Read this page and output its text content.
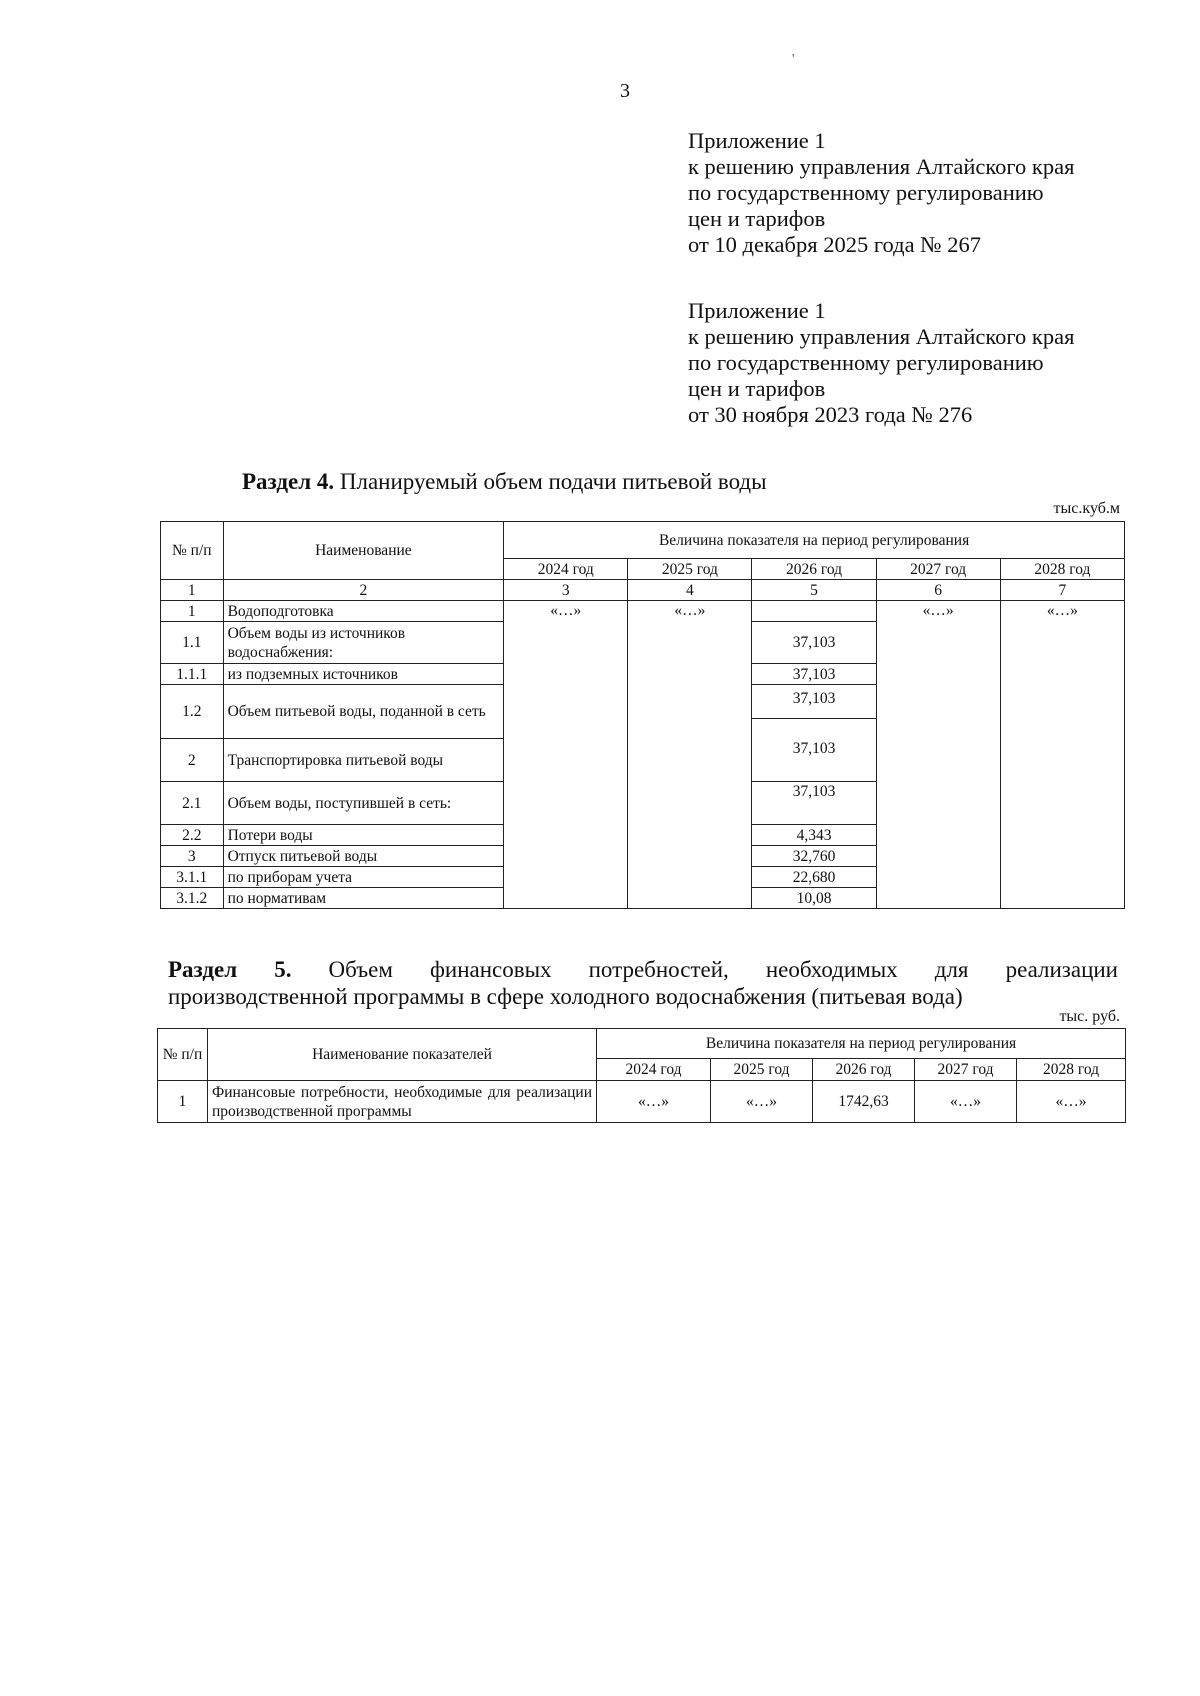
3
'
Приложение 1
к решению управления Алтайского края
по государственному регулированию
цен и тарифов
от 10 декабря 2025 года № 267
Приложение 1
к решению управления Алтайского края
по государственному регулированию
цен и тарифов
от 30 ноября 2023 года № 276
Раздел 4. Планируемый объем подачи питьевой воды
тыс.куб.м
№ п/п	Наименование	Величина показателя на период регулирования				
		2024 год	2025 год	2026 год	2027 год	2028 год
1	2	3	4	5	6	7
1	Водоподготовка	«…»	«…»		«…»	«…»
1.1	Объем воды из источников водоснабжения:			37,103		
1.1.1	из подземных источников			37,103		
1.2	Объем питьевой воды, поданной в сеть			37,103		

2	Транспортировка питьевой воды			37,103		

2.1	Объем воды, поступившей в сеть:			37,103		
2.2	Потери воды			4,343		
3	Отпуск питьевой воды			32,760		
3.1.1	по приборам учета			22,680		
3.1.2	по нормативам			10,08		
Раздел 5. Объем финансовых потребностей, необходимых для реализации
производственной программы в сфере холодного водоснабжения (питьевая вода)
тыс. руб.
№ п/п	Наименование показателей	Величина показателя на период регулирования				
		2024 год	2025 год	2026 год	2027 год	2028 год
1	Финансовые потребности, необходимые для реализации производственной программы	«…»	«…»	1742,63	«…»	«…»
